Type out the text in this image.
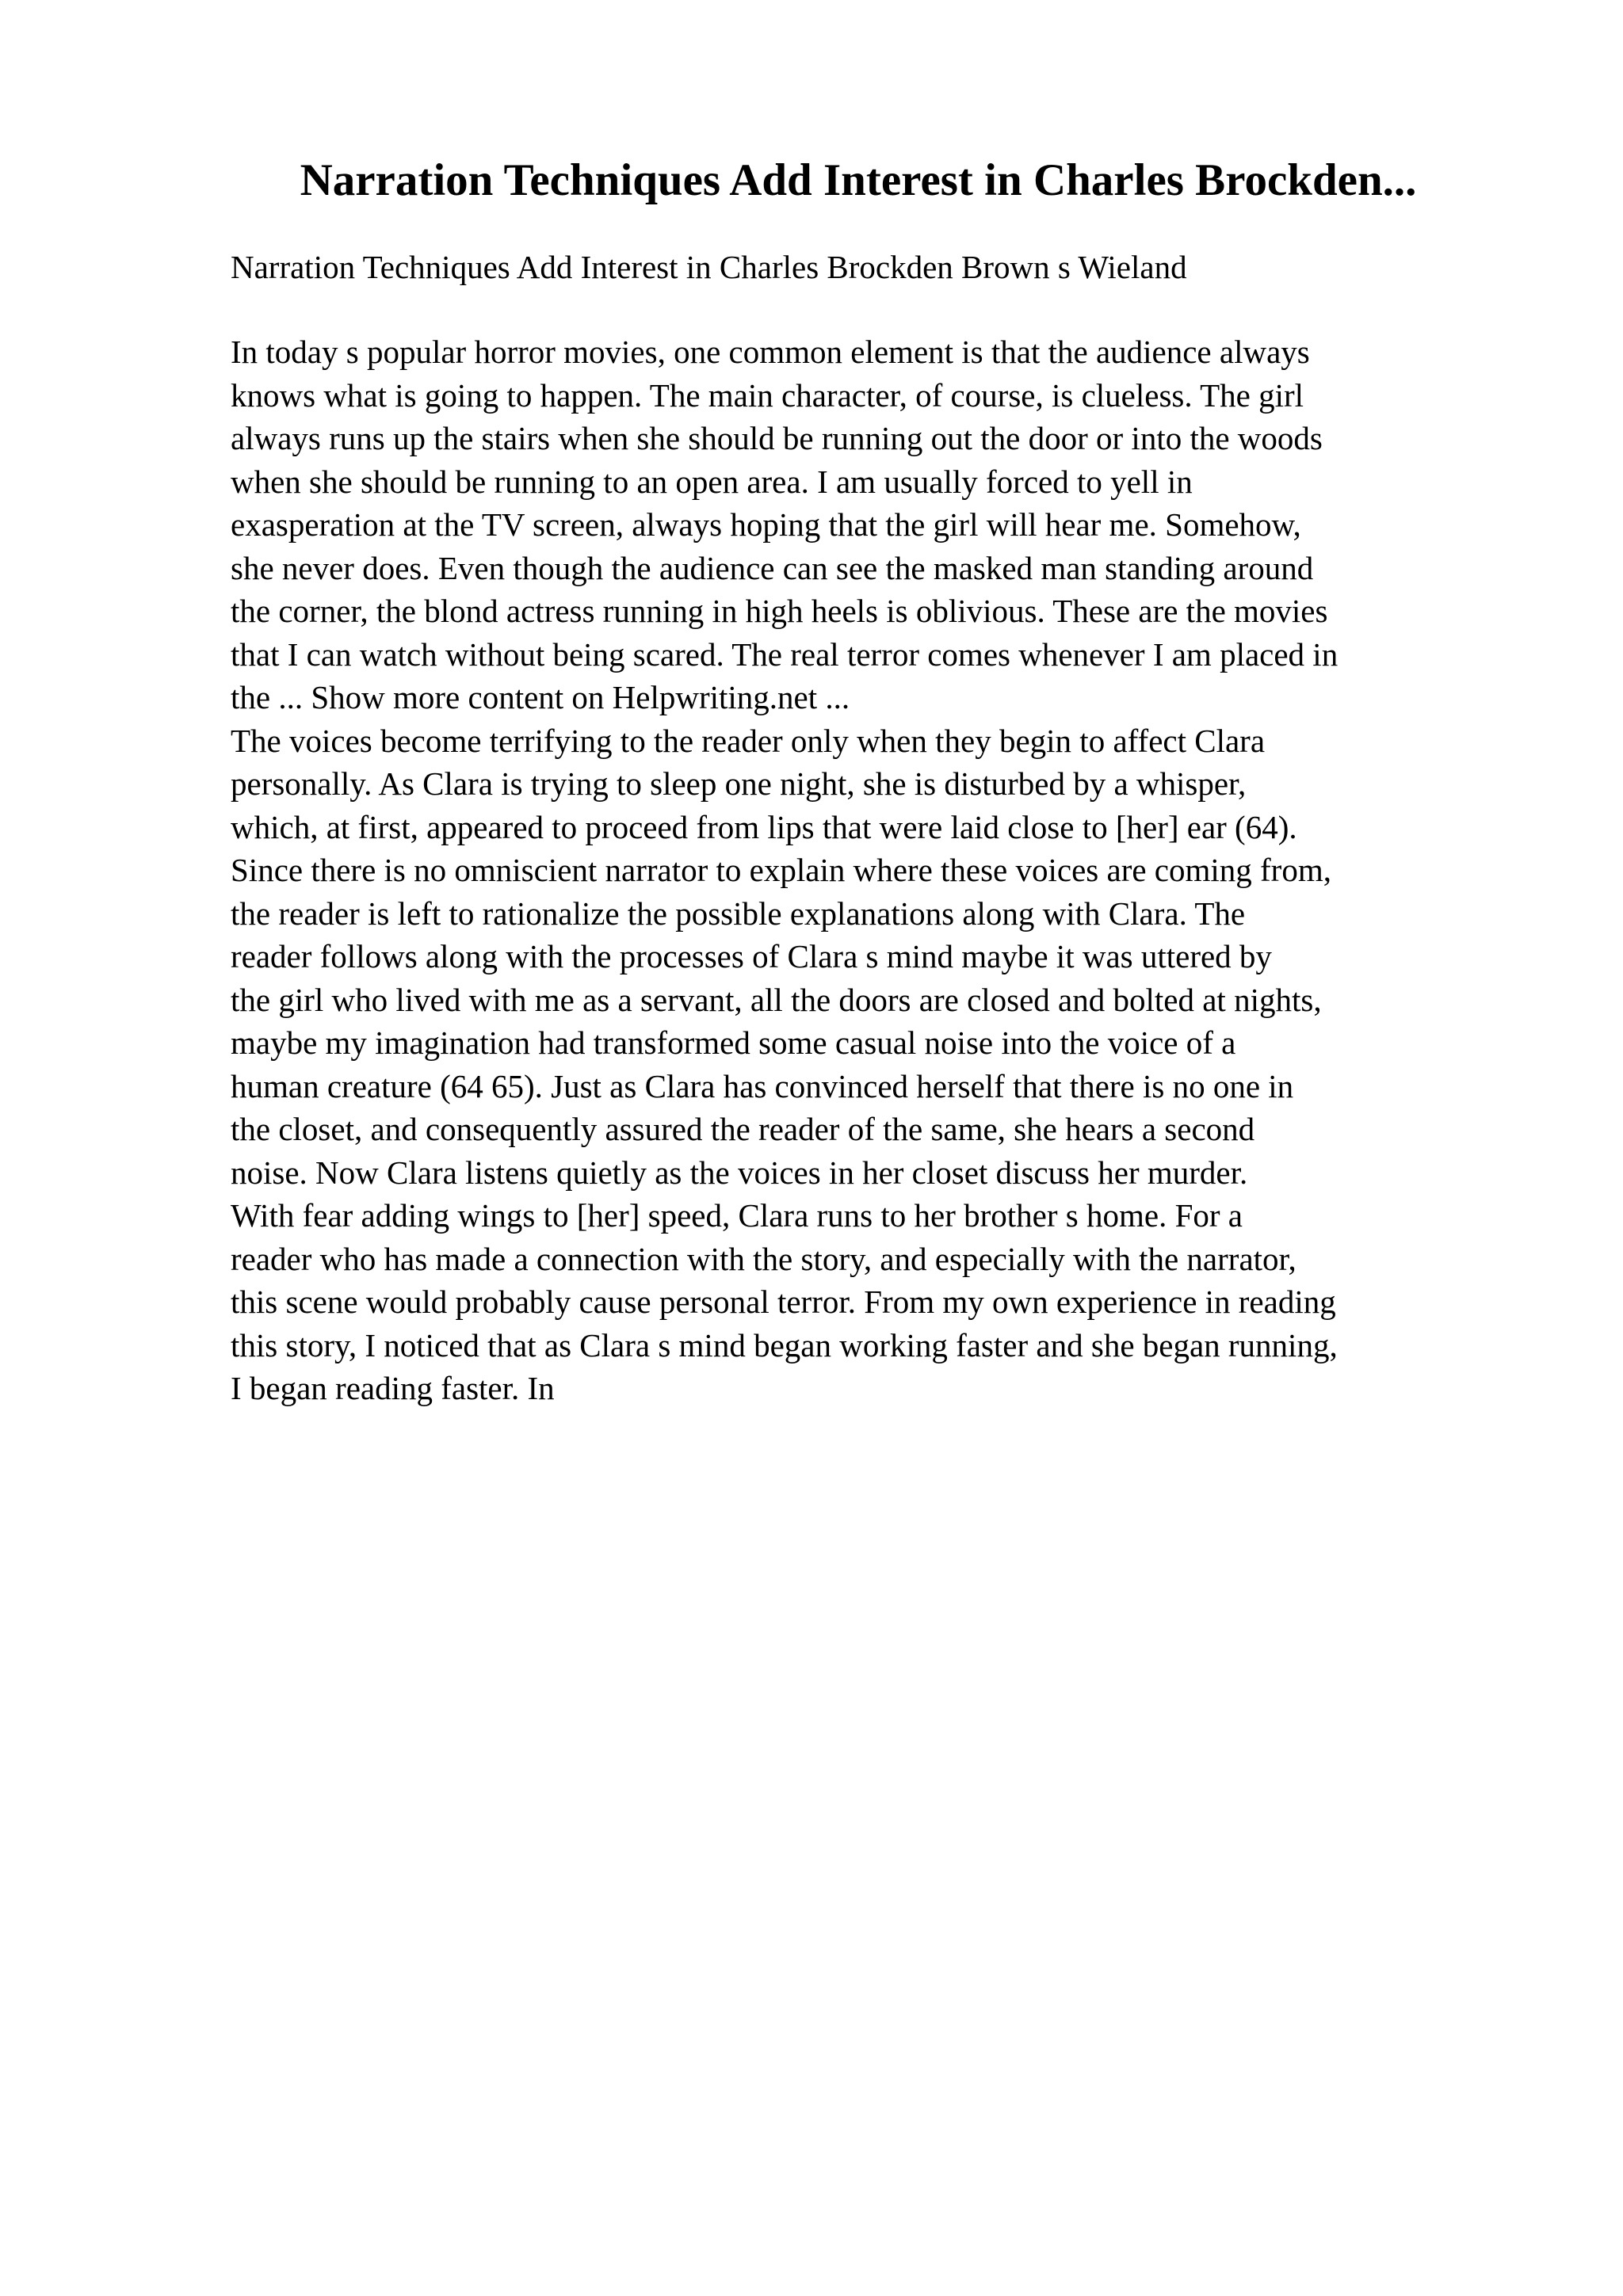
Narration Techniques Add Interest in Charles Brockden...

Narration Techniques Add Interest in Charles Brockden Brown s Wieland

In today s popular horror movies, one common element is that the audience always
knows what is going to happen. The main character, of course, is clueless. The girl
always runs up the stairs when she should be running out the door or into the woods
when she should be running to an open area. I am usually forced to yell in
exasperation at the TV screen, always hoping that the girl will hear me. Somehow,
she never does. Even though the audience can see the masked man standing around
the corner, the blond actress running in high heels is oblivious. These are the movies
that I can watch without being scared. The real terror comes whenever I am placed in
the ... Show more content on Helpwriting.net ...
The voices become terrifying to the reader only when they begin to affect Clara
personally. As Clara is trying to sleep one night, she is disturbed by a whisper,
which, at first, appeared to proceed from lips that were laid close to [her] ear (64).
Since there is no omniscient narrator to explain where these voices are coming from,
the reader is left to rationalize the possible explanations along with Clara. The
reader follows along with the processes of Clara s mind maybe it was uttered by
the girl who lived with me as a servant, all the doors are closed and bolted at nights,
maybe my imagination had transformed some casual noise into the voice of a
human creature (64 65). Just as Clara has convinced herself that there is no one in
the closet, and consequently assured the reader of the same, she hears a second
noise. Now Clara listens quietly as the voices in her closet discuss her murder.
With fear adding wings to [her] speed, Clara runs to her brother s home. For a
reader who has made a connection with the story, and especially with the narrator,
this scene would probably cause personal terror. From my own experience in reading
this story, I noticed that as Clara s mind began working faster and she began running,
I began reading faster. In
